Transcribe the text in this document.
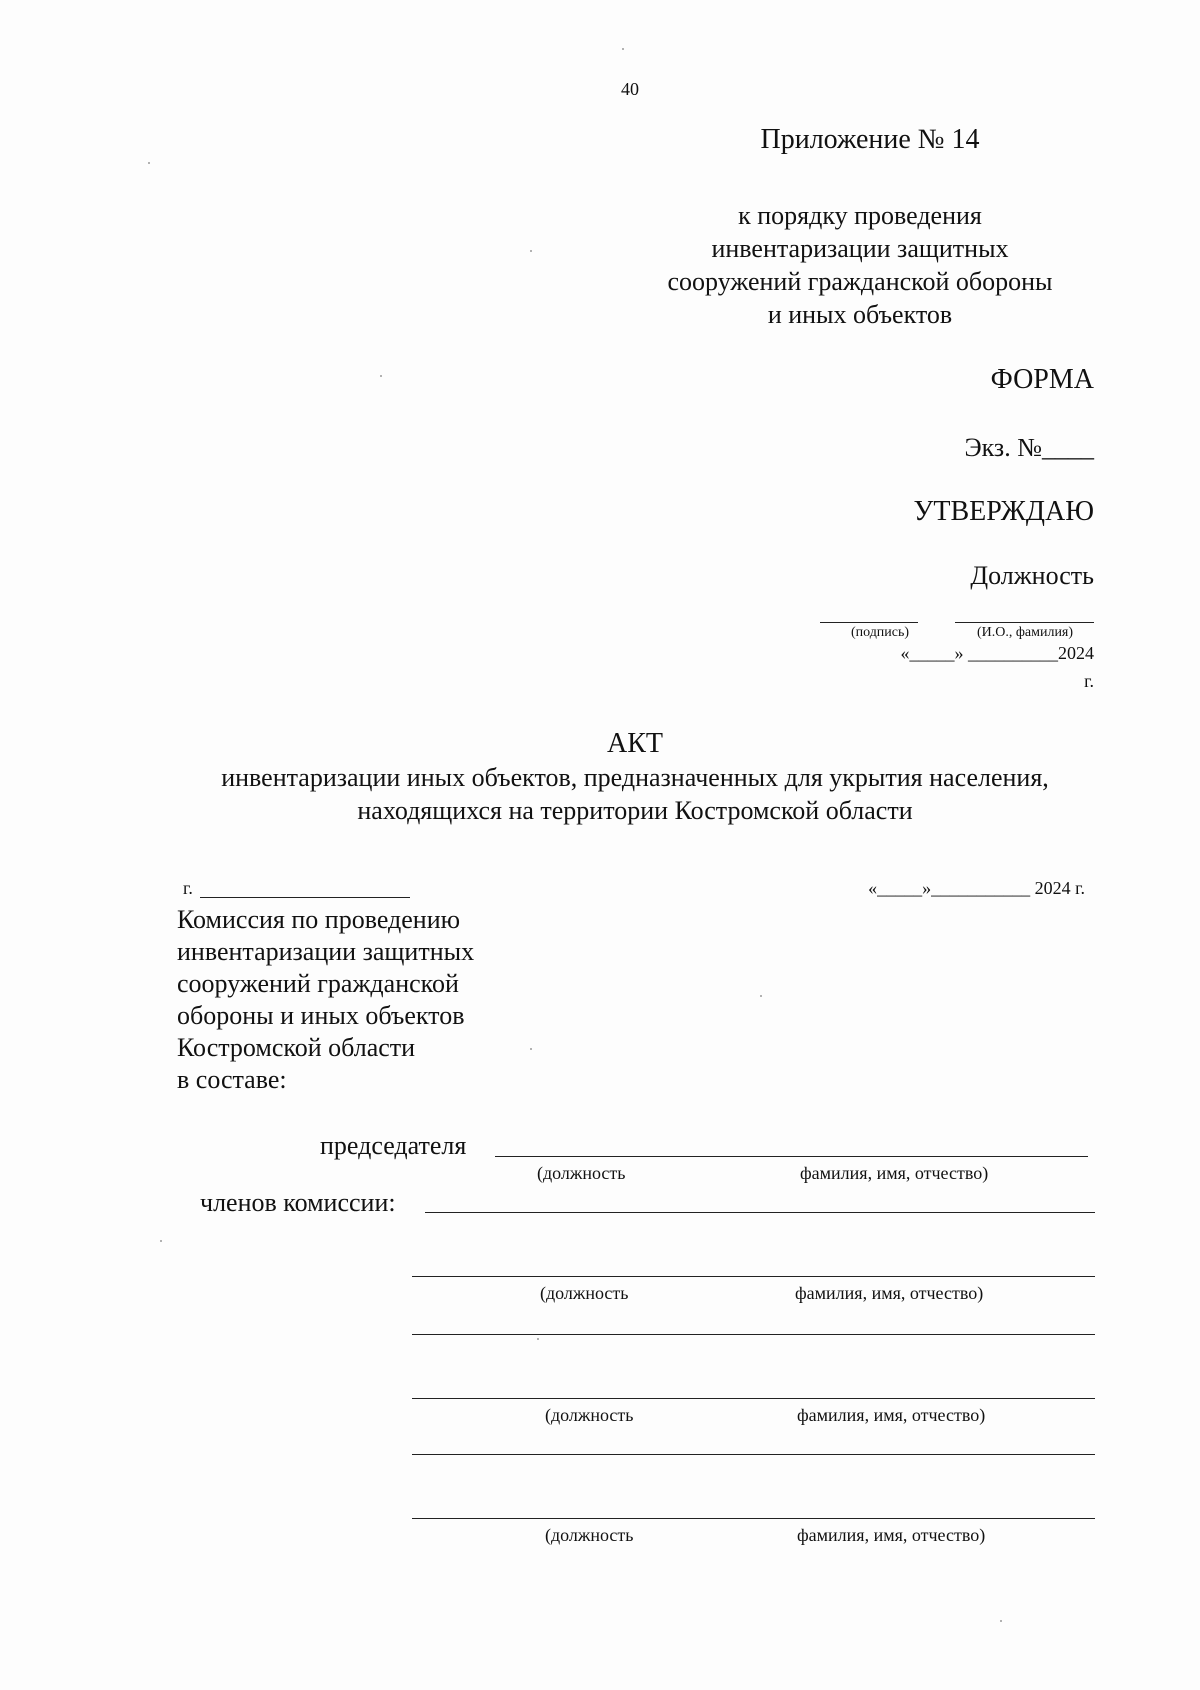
40
Приложение № 14
к порядку проведения
инвентаризации защитных
сооружений гражданской обороны
и иных объектов
ФОРМА
Экз. №____
УТВЕРЖДАЮ
Должность
(подпись)	(И.О., фамилия)
«_____» __________2024
г.
АКТ
инвентаризации иных объектов, предназначенных для укрытия населения,
находящихся на территории Костромской области
г.	«_____»___________ 2024 г.
Комиссия по проведению
инвентаризации защитных
сооружений гражданской
обороны и иных объектов
Костромской области
в составе:
председателя
(должность	фамилия, имя, отчество)
членов комиссии:
(должность	фамилия, имя, отчество)
(должность	фамилия, имя, отчество)
(должность	фамилия, имя, отчество)
